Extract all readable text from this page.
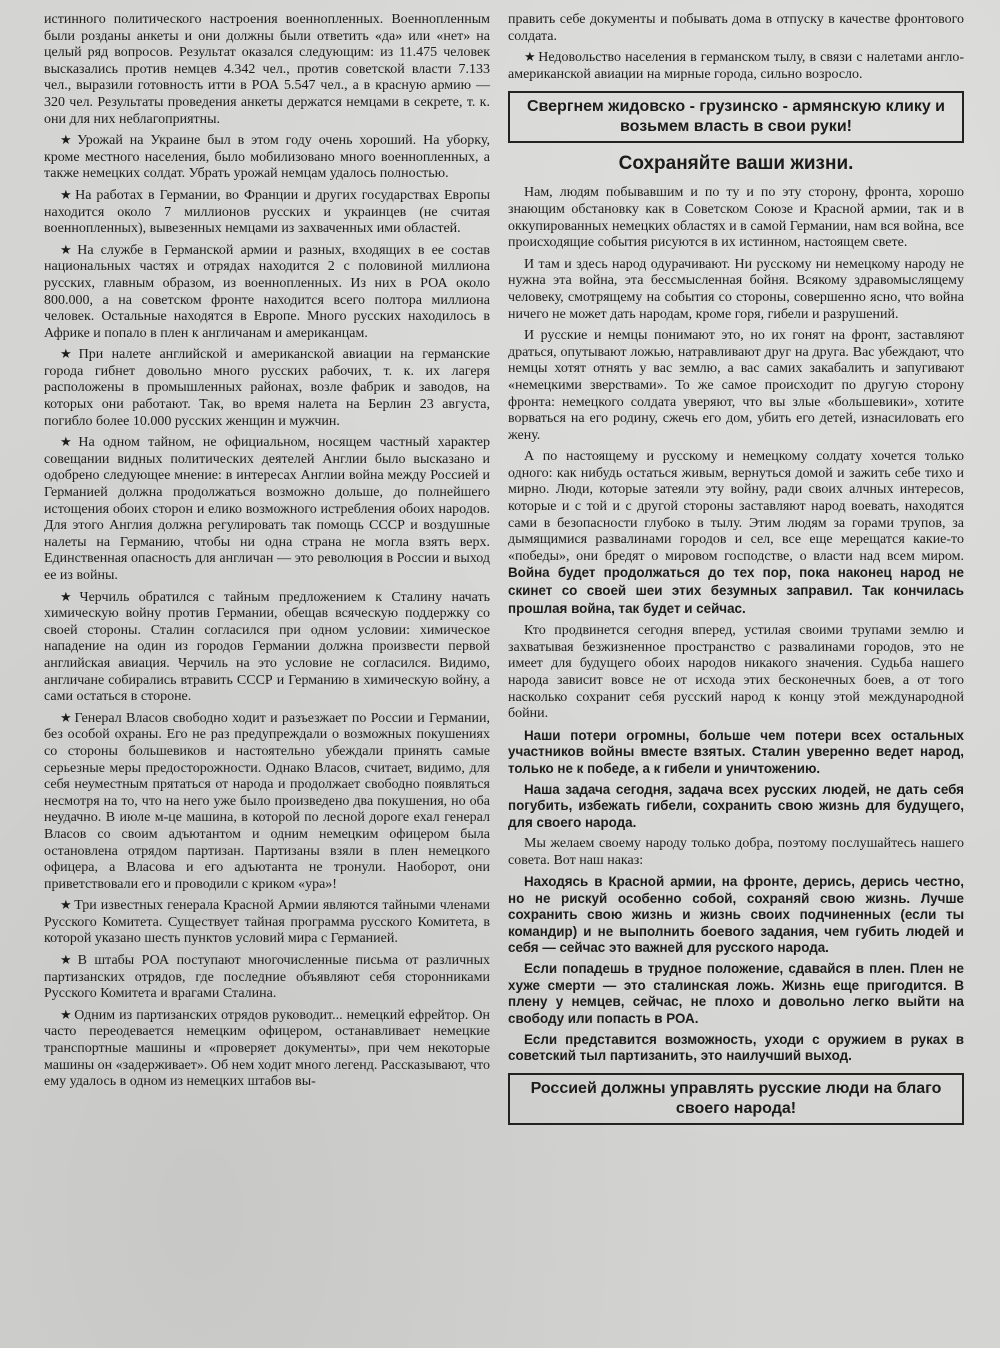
истинного политического настроения военнопленных. Военнопленным были розданы анкеты и они должны были ответить «да» или «нет» на целый ряд вопросов. Результат оказался следующим: из 11.475 человек высказались против немцев 4.342 чел., против советской власти 7.133 чел., выразили готовность итти в РОА 5.547 чел., а в красную армию — 320 чел. Результаты проведения анкеты держатся немцами в секрете, т. к. они для них неблагоприятны.

★ Урожай на Украине был в этом году очень хороший. На уборку, кроме местного населения, было мобилизовано много военнопленных, а также немецких солдат. Убрать урожай немцам удалось полностью.

★ На работах в Германии, во Франции и других государствах Европы находится около 7 миллионов русских и украинцев (не считая военнопленных), вывезенных немцами из захваченных ими областей.

★ На службе в Германской армии и разных, входящих в ее состав национальных частях и отрядах находится 2 с половиной миллиона русских, главным образом, из военнопленных. Из них в РОА около 800.000, а на советском фронте находится всего полтора миллиона человек. Остальные находятся в Европе. Много русских находилось в Африке и попало в плен к англичанам и американцам.

★ При налете английской и американской авиации на германские города гибнет довольно много русских рабочих, т. к. их лагеря расположены в промышленных районах, возле фабрик и заводов, на которых они работают. Так, во время налета на Берлин 23 августа, погибло более 10.000 русских женщин и мужчин.

★ На одном тайном, не официальном, носящем частный характер совещании видных политических деятелей Англии было высказано и одобрено следующее мнение: в интересах Англии война между Россией и Германией должна продолжаться возможно дольше, до полнейшего истощения обоих сторон и елико возможного истребления обоих народов. Для этого Англия должна регулировать так помощь СССР и воздушные налеты на Германию, чтобы ни одна страна не могла взять верх. Единственная опасность для англичан — это революция в России и выход ее из войны.

★ Черчиль обратился с тайным предложением к Сталину начать химическую войну против Германии, обещав всяческую поддержку со своей стороны. Сталин согласился при одном условии: химическое нападение на один из городов Германии должна произвести первой английская авиация. Черчиль на это условие не согласился. Видимо, англичане собирались втравить СССР и Германию в химическую войну, а сами остаться в стороне.

★ Генерал Власов свободно ходит и разъезжает по России и Германии, без особой охраны. Его не раз предупреждали о возможных покушениях со стороны большевиков и настоятельно убеждали принять самые серьезные меры предосторожности. Однако Власов, считает, видимо, для себя неуместным прятаться от народа и продолжает свободно появляться несмотря на то, что на него уже было произведено два покушения, но оба неудачно. В июле м-це машина, в которой по лесной дороге ехал генерал Власов со своим адъютантом и одним немецким офицером была остановлена отрядом партизан. Партизаны взяли в плен немецкого офицера, а Власова и его адъютанта не тронули. Наоборот, они приветствовали его и проводили с криком «ура»!

★ Три известных генерала Красной Армии являются тайными членами Русского Комитета. Существует тайная программа русского Комитета, в которой указано шесть пунктов условий мира с Германией.

★ В штабы РОА поступают многочисленные письма от различных партизанских отрядов, где последние объявляют себя сторонниками Русского Комитета и врагами Сталина.

★ Одним из партизанских отрядов руководит... немецкий ефрейтор. Он часто переодевается немецким офицером, останавливает немецкие транспортные машины и «проверяет документы», при чем некоторые машины он «задерживает». Об нем ходит много легенд. Рассказывают, что ему удалось в одном из немецких штабов вы-

править себе документы и побывать дома в отпуску в качестве фронтового солдата.

★ Недовольство населения в германском тылу, в связи с налетами англо-американской авиации на мирные города, сильно возросло.

Свергнем жидовско - грузинско - армянскую клику и возьмем власть в свои руки!
Сохраняйте ваши жизни.

Нам, людям побывавшим и по ту и по эту сторону, фронта, хорошо знающим обстановку как в Советском Союзе и Красной армии, так и в оккупированных немецких областях и в самой Германии, нам вся война, все происходящие события рисуются в их истинном, настоящем свете.

И там и здесь народ одурачивают. Ни русскому ни немецкому народу не нужна эта война, эта бессмысленная бойня. Всякому здравомыслящему человеку, смотрящему на события со стороны, совершенно ясно, что война ничего не может дать народам, кроме горя, гибели и разрушений.

И русские и немцы понимают это, но их гонят на фронт, заставляют драться, опутывают ложью, натравливают друг на друга. Вас убеждают, что немцы хотят отнять у вас землю, а вас самих закабалить и запугивают «немецкими зверствами». То же самое происходит по другую сторону фронта: немецкого солдата уверяют, что вы злые «большевики», хотите ворваться на его родину, сжечь его дом, убить его детей, изнасиловать его жену.

А по настоящему и русскому и немецкому солдату хочется только одного: как нибудь остаться живым, вернуться домой и зажить себе тихо и мирно. Люди, которые затеяли эту войну, ради своих алчных интересов, которые и с той и с другой стороны заставляют народ воевать, находятся сами в безопасности глубоко в тылу. Этим людям за горами трупов, за дымящимися развалинами городов и сел, все еще мерещатся какие-то «победы», они бредят о мировом господстве, о власти над всем миром. Война будет продолжаться до тех пор, пока наконец народ не скинет со своей шеи этих безумных заправил. Так кончилась прошлая война, так будет и сейчас.

Кто продвинется сегодня вперед, устилая своими трупами землю и захватывая безжизненное пространство с развалинами городов, это не имеет для будущего обоих народов никакого значения. Судьба нашего народа зависит вовсе не от исхода этих бесконечных боев, а от того насколько сохранит себя русский народ к концу этой международной бойни.

Наши потери огромны, больше чем потери всех остальных участников войны вместе взятых. Сталин уверенно ведет народ, только не к победе, а к гибели и уничтожению.

Наша задача сегодня, задача всех русских людей, не дать себя погубить, избежать гибели, сохранить свою жизнь для будущего, для своего народа.

Мы желаем своему народу только добра, поэтому послушайтесь нашего совета. Вот наш наказ:

Находясь в Красной армии, на фронте, дерись, дерись честно, но не рискуй особенно собой, сохраняй свою жизнь. Лучше сохранить свою жизнь и жизнь своих подчиненных (если ты командир) и не выполнить боевого задания, чем губить людей и себя — сейчас это важней для русского народа.

Если попадешь в трудное положение, сдавайся в плен. Плен не хуже смерти — это сталинская ложь. Жизнь еще пригодится. В плену у немцев, сейчас, не плохо и довольно легко выйти на свободу или попасть в РОА.

Если представится возможность, уходи с оружием в руках в советский тыл партизанить, это наилучший выход.

Россией должны управлять русские люди на благо своего народа!
